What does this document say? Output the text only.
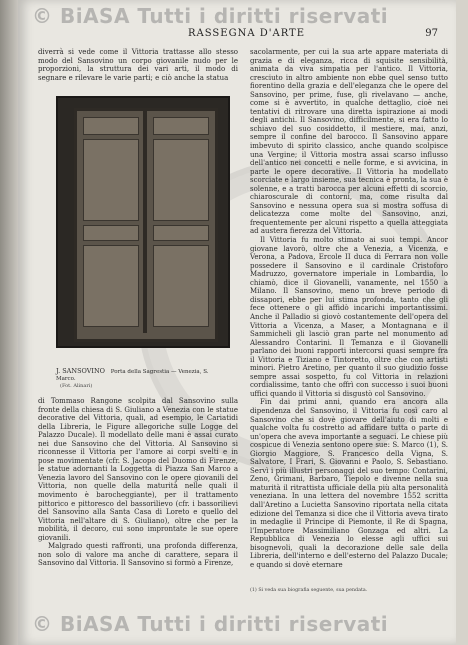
© BiASA Tutti i diritti riservati
RASSEGNA D'ARTE	97

diverrà si vede come il Vittoria trattasse allo stesso modo del Sansovino un corpo giovanile nudo per le proporzioni, la struttura dei vari arti, il modo di segnare e rilevare le varie parti; e ciò anche la statua

J. SANSOVINO Porta della Sagrestia — Venezia, S. Marco.
(Fot. Alinari)

di Tommaso Rangone scolpita dal Sansovino sulla fronte della chiesa di S. Giuliano a Venezia con le statue decorative del Vittoria, quali, ad esempio, le Cariatidi della Libreria, le Figure allegoriche sulle Logge del Palazzo Ducale). Il modellato delle mani è assai curato nei due Sansovino che del Vittoria. Al Sansovino si riconnesse il Vittoria per l'amore ai corpi svelti e in pose movimentate (cfr. S. Jacopo del Duomo di Firenze, le statue adornanti la Loggetta di Piazza San Marco a Venezia lavoro del Sansovino con le opere giovanili del Vittoria, non quelle della maturità nelle quali il movimento è barocheggiante), per il trattamento pittorico e pittoresco del bassorilievo (cfr. i bassorilievi del Sansovino alla Santa Casa di Loreto e quello del Vittoria nell'altare di S. Giuliano), oltre che per la mobilità, il decoro, cui sono improntate le sue opere giovanili.

Malgrado questi raffronti, una profonda differenza, non solo di valore ma anche di carattere, separa il Sansovino dal Vittoria. Il Sansovino si formò a Firenze,

sacolarmente, per cui la sua arte appare materiata di grazia e di eleganza, ricca di squisite sensibilità, animata da viva simpatia per l'antico. Il Vittoria, cresciuto in altro ambiente non ebbe quel senso tutto fiorentino della grazia e dell'eleganza che le opere del Sansovino, per prime, fuse, gli rivelavano — anche, come si è avvertito, in qualche dettaglio, cioè nei tentativi di ritrovare una diretta ispirazione ai modi degli antichi. Il Sansovino, difficilmente, si era fatto lo schiavo del suo cosiddetto, il mestiere, mai, anzi, sempre il confine del barocco. Il Sansovino appare imbevuto di spirito classico, anche quando scolpisce una Vergine; il Vittoria mostra assai scarso influsso dell'antico nei concetti e nelle forme, e si avvicina, in parte le opere decorative. Il Vittoria ha modellato scorciate e largo insieme, sua tecnica è pronta, la sua è solenne, e a tratti barocca per alcuni effetti di scorcio, chiaroscurale di contorni, ma, come risulta dal Sansovino e nessuna opera sua si mostra soffusa di delicatezza come molte del Sansovino, anzi, frequentemente per alcuni rispetto a quella atteggiata ad austera fierezza del Vittoria.

Il Vittoria fu molto stimato ai suoi tempi. Ancor giovane lavorò, oltre che a Venezia, a Vicenza, e Verona, a Padova, Ercole II duca di Ferrara non volle possedere il Sansovino e il cardinale Cristoforo Madruzzo, governatore imperiale in Lombardia, lo chiamò, dice il Giovanelli, vanamente, nel 1550 a Milano. Il Sansovino, meno un breve periodo di dissapori, ebbe per lui stima profonda, tanto che gli fece ottenere o gli affidò incarichi importantissimi. Anche il Palladio si giovò costantemente dell'opera del Vittoria a Vicenza, a Maser, a Montagnana e il Sammicheli gli lasciò gran parte nel monumento ad Alessandro Contarini. Il Temanza e il Giovanelli parlano dei buoni rapporti intercorsi quasi sempre fra il Vittoria e Tiziano e Tintoretto, oltre che con artisti minori. Pietro Aretino, per quanto il suo giudizio fosse sempre assai sospetto, fu col Vittoria in relazioni cordialissime, tanto che offrì con successo i suoi buoni uffici quando il Vittoria si disgustò col Sansovino.

Fin dai primi anni, quando era ancora alla dipendenza del Sansovino, il Vittoria fu così caro al Sansovino che si dovè giovare dell'aiuto di molti e qualche volta fu costretto ad affidare tutta o parte di un'opera che aveva importante a seguaci. Le chiese più cospicue di Venezia sentono opere sue: S. Marco (1), S. Giorgio Maggiore, S. Francesco della Vigna, S. Salvatore, I Frari, S. Giovanni e Paolo, S. Sebastiano. Servì i più illustri personaggi del suo tempo: Contarini, Zeno, Grimani, Barbaro, Tiepolo e divenne nella sua maturità il ritrattista ufficiale della più alta personalità veneziana. In una lettera del novembre 1552 scritta dall'Aretino a Lucietta Sansovino riportata nella citata edizione del Temanza si dice che il Vittoria aveva tirato in medaglie il Principe di Piemonte, il Re di Spagna, l'Imperatore Massimiliano Gonzaga ed altri. La Repubblica di Venezia lo elesse agli uffici sui bisognevoli, quali la decorazione delle sale della Libreria, dell'interno e dell'esterno del Palazzo Ducale; e quando si dovè eternare

(1) Si veda sua biografia seguente, sua pendata.
© BiASA Tutti i diritti riservati
